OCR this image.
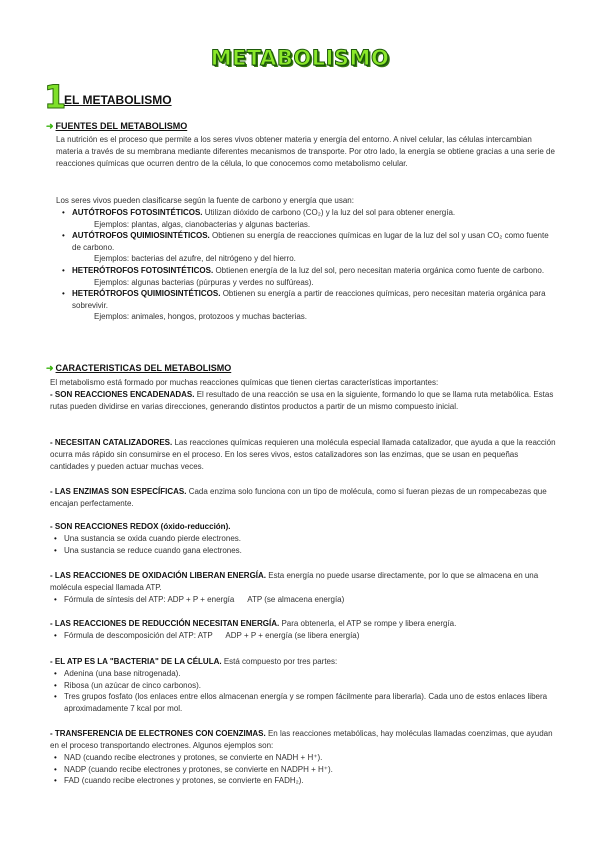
METABOLISMO
1
EL METABOLISMO
➜ FUENTES DEL METABOLISMO
La nutrición es el proceso que permite a los seres vivos obtener materia y energía del entorno. A nivel celular, las células intercambian materia a través de su membrana mediante diferentes mecanismos de transporte. Por otro lado, la energía se obtiene gracias a una serie de reacciones químicas que ocurren dentro de la célula, lo que conocemos como metabolismo celular.
Los seres vivos pueden clasificarse según la fuente de carbono y energía que usan:
• AUTÓTROFOS FOTOSINTÉTICOS. Utilizan dióxido de carbono (CO₂) y la luz del sol para obtener energía.
Ejemplos: plantas, algas, cianobacterias y algunas bacterias.
• AUTÓTROFOS QUIMIOSINTÉTICOS. Obtienen su energía de reacciones químicas en lugar de la luz del sol y usan CO₂ como fuente de carbono.
Ejemplos: bacterias del azufre, del nitrógeno y del hierro.
• HETERÓTROFOS FOTOSINTÉTICOS. Obtienen energía de la luz del sol, pero necesitan materia orgánica como fuente de carbono.
Ejemplos: algunas bacterias (púrpuras y verdes no sulfúreas).
• HETERÓTROFOS QUIMIOSINTÉTICOS. Obtienen su energía a partir de reacciones químicas, pero necesitan materia orgánica para sobrevivir.
Ejemplos: animales, hongos, protozoos y muchas bacterias.
➜ CARACTERISTICAS DEL METABOLISMO
El metabolismo está formado por muchas reacciones químicas que tienen ciertas características importantes:
- SON REACCIONES ENCADENADAS. El resultado de una reacción se usa en la siguiente, formando lo que se llama ruta metabólica. Estas rutas pueden dividirse en varias direcciones, generando distintos productos a partir de un mismo compuesto inicial.
- NECESITAN CATALIZADORES. Las reacciones químicas requieren una molécula especial llamada catalizador, que ayuda a que la reacción ocurra más rápido sin consumirse en el proceso. En los seres vivos, estos catalizadores son las enzimas, que se usan en pequeñas cantidades y pueden actuar muchas veces.
- LAS ENZIMAS SON ESPECÍFICAS. Cada enzima solo funciona con un tipo de molécula, como si fueran piezas de un rompecabezas que encajan perfectamente.
- SON REACCIONES REDOX (óxido-reducción).
• Una sustancia se oxida cuando pierde electrones.
• Una sustancia se reduce cuando gana electrones.
- LAS REACCIONES DE OXIDACIÓN LIBERAN ENERGÍA. Esta energía no puede usarse directamente, por lo que se almacena en una molécula especial llamada ATP.
• Fórmula de síntesis del ATP: ADP + P + energía      ATP (se almacena energía)
- LAS REACCIONES DE REDUCCIÓN NECESITAN ENERGÍA. Para obtenerla, el ATP se rompe y libera energía.
• Fórmula de descomposición del ATP: ATP      ADP + P + energía (se libera energía)
- EL ATP ES LA "BACTERIA" DE LA CÉLULA. Está compuesto por tres partes:
• Adenina (una base nitrogenada).
• Ribosa (un azúcar de cinco carbonos).
• Tres grupos fosfato (los enlaces entre ellos almacenan energía y se rompen fácilmente para liberarla). Cada uno de estos enlaces libera aproximadamente 7 kcal por mol.
- TRANSFERENCIA DE ELECTRONES CON COENZIMAS. En las reacciones metabólicas, hay moléculas llamadas coenzimas, que ayudan en el proceso transportando electrones. Algunos ejemplos son:
• NAD (cuando recibe electrones y protones, se convierte en NADH + H⁺).
• NADP (cuando recibe electrones y protones, se convierte en NADPH + H⁺).
• FAD (cuando recibe electrones y protones, se convierte en FADH₂).
